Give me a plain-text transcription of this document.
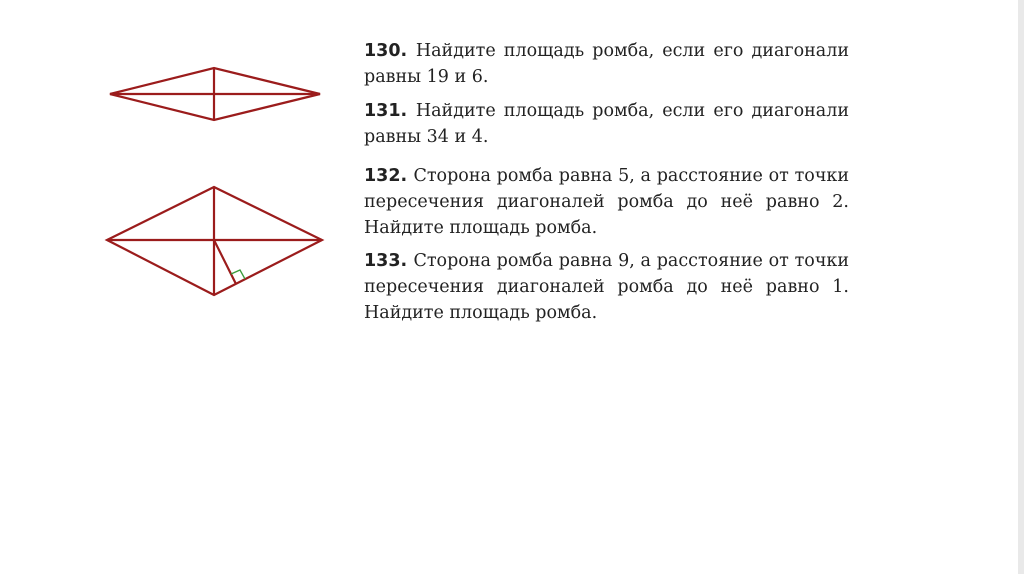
130. Найдите площадь ромба, если его диагонали равны 19 и 6.
131. Найдите площадь ромба, если его диагонали равны 34 и 4.
132. Сторона ромба равна 5, а расстояние от точки пересечения диагоналей ромба до неё равно 2. Найдите площадь ромба.
133. Сторона ромба равна 9, а расстояние от точки пересечения диагоналей ромба до неё равно 1. Найдите площадь ромба.
